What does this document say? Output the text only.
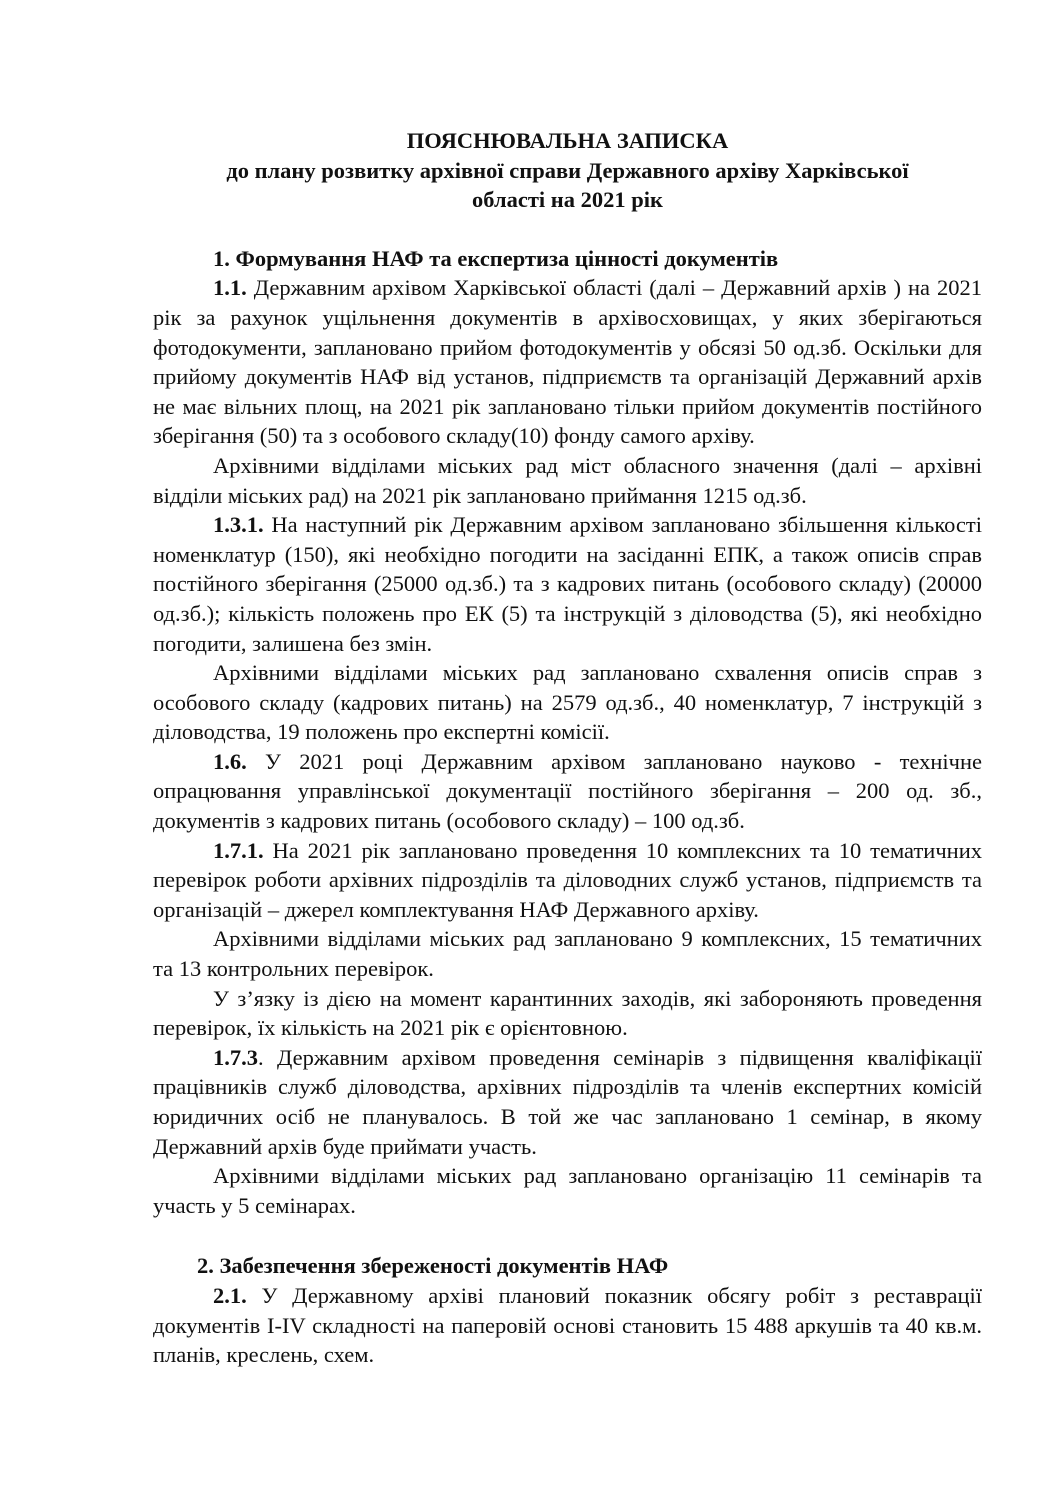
ПОЯСНЮВАЛЬНА ЗАПИСКА
до плану розвитку архівної справи Державного архіву Харківської
області на 2021 рік
1. Формування НАФ та експертиза цінності документів

1.1. Державним архівом Харківської області (далі – Державний архів ) на 2021 рік за рахунок ущільнення документів в архівосховищах, у яких зберігаються фотодокументи, заплановано прийом фотодокументів у обсязі 50 од.зб. Оскільки для прийому документів НАФ від установ, підприємств та організацій Державний архів не має вільних площ, на 2021 рік заплановано тільки прийом документів постійного зберігання (50) та з особового складу(10) фонду самого архіву.

Архівними відділами міських рад міст обласного значення (далі – архівні відділи міських рад) на 2021 рік заплановано приймання 1215 од.зб.

1.3.1. На наступний рік Державним архівом заплановано збільшення кількості номенклатур (150), які необхідно погодити на засіданні ЕПК, а також описів справ постійного зберігання (25000 од.зб.) та з кадрових питань (особового складу) (20000 од.зб.); кількість положень про ЕК (5) та інструкцій з діловодства (5), які необхідно погодити, залишена без змін.

Архівними відділами міських рад заплановано схвалення описів справ з особового складу (кадрових питань) на 2579 од.зб., 40 номенклатур, 7 інструкцій з діловодства, 19 положень про експертні комісії.

1.6. У 2021 році Державним архівом заплановано науково - технічне опрацювання управлінської документації постійного зберігання – 200 од. зб., документів з кадрових питань (особового складу) – 100 од.зб.

1.7.1. На 2021 рік заплановано проведення 10 комплексних та 10 тематичних перевірок роботи архівних підрозділів та діловодних служб установ, підприємств та організацій – джерел комплектування НАФ Державного архіву.

Архівними відділами міських рад заплановано 9 комплексних, 15 тематичних та 13 контрольних перевірок.

У з’язку із дією на момент карантинних заходів, які забороняють проведення перевірок, їх кількість на 2021 рік є орієнтовною.

1.7.3. Державним архівом проведення семінарів з підвищення кваліфікації працівників служб діловодства, архівних підрозділів та членів експертних комісій юридичних осіб не планувалось. В той же час заплановано 1 семінар, в якому Державний архів буде приймати участь.

Архівними відділами міських рад заплановано організацію 11 семінарів та участь у 5 семінарах.

2. Забезпечення збереженості документів НАФ

2.1. У Державному архіві плановий показник обсягу робіт з реставрації документів I-IV складності на паперовій основі становить 15 488 аркушів та 40 кв.м. планів, креслень, схем.
